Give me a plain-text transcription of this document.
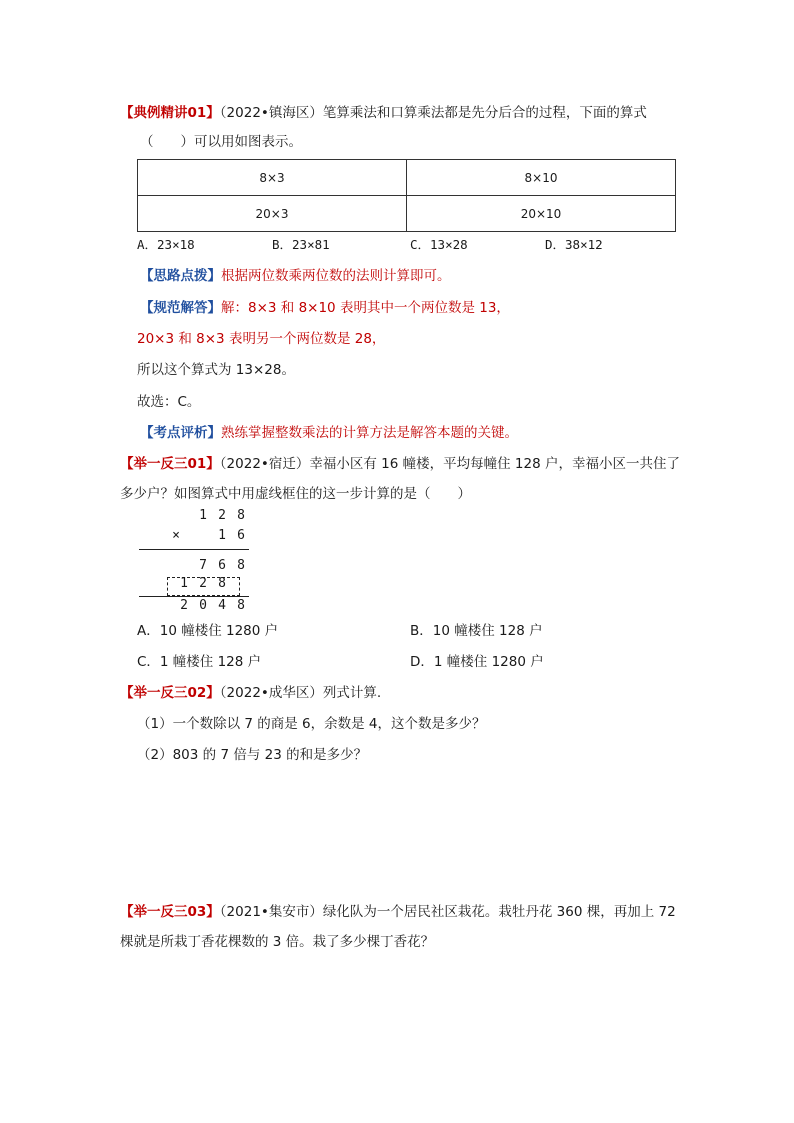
【典例精讲01】（2022•镇海区）笔算乘法和口算乘法都是先分后合的过程，下面的算式
（　　）可以用如图表示。
8×3	8×10
20×3	20×10
A．23×18	B．23×81	C．13×28	D．38×12
【思路点拨】根据两位数乘两位数的法则计算即可。
【规范解答】解：8×3 和 8×10 表明其中一个两位数是 13，
20×3 和 8×3 表明另一个两位数是 28，
所以这个算式为 13×28。
故选：C。
【考点评析】熟练掌握整数乘法的计算方法是解答本题的关键。
【举一反三01】（2022•宿迁）幸福小区有 16 幢楼，平均每幢住 128 户，幸福小区一共住了
多少户？如图算式中用虚线框住的这一步计算的是（　　）
1 2 8
×	1 6
7 6 8
1 2 8
2 0 4 8
A．10 幢楼住 1280 户	B．10 幢楼住 128 户
C．1 幢楼住 128 户	D．1 幢楼住 1280 户
【举一反三02】（2022•成华区）列式计算.
（1）一个数除以 7 的商是 6，余数是 4，这个数是多少？
（2）803 的 7 倍与 23 的和是多少？
【举一反三03】（2021•集安市）绿化队为一个居民社区栽花。栽牡丹花 360 棵，再加上 72
棵就是所栽丁香花棵数的 3 倍。栽了多少棵丁香花？
